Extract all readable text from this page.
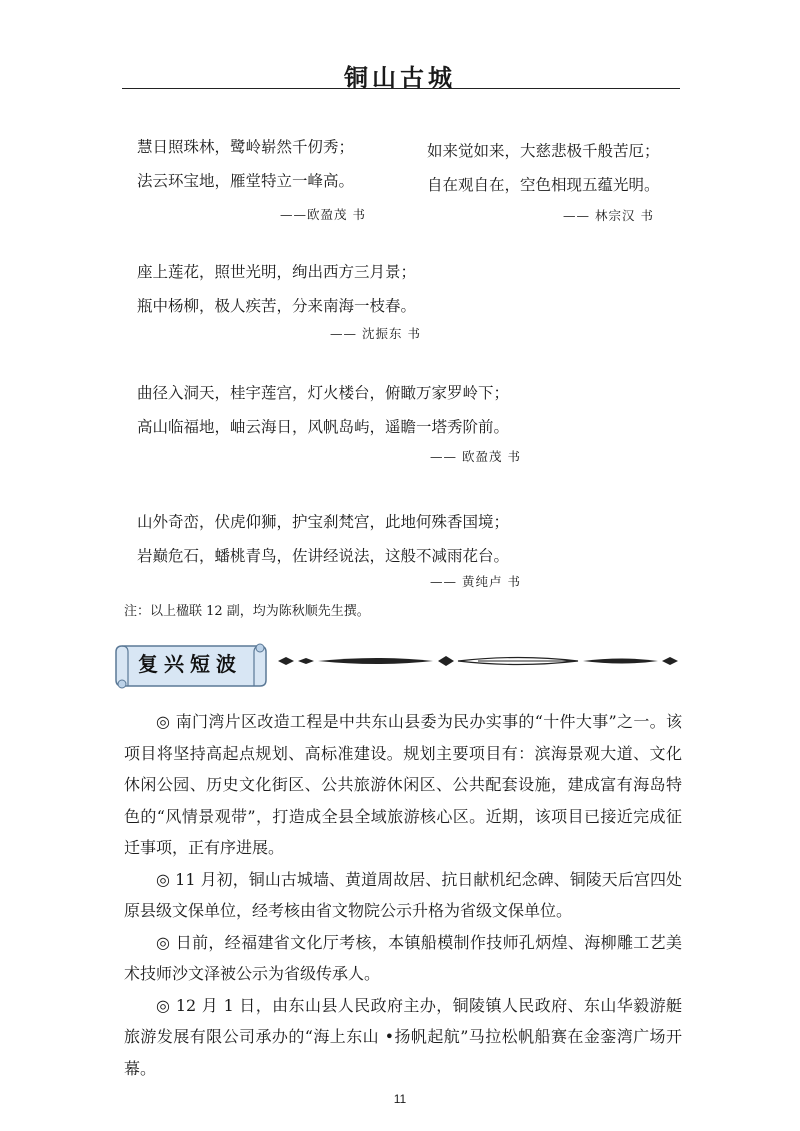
铜山古城
慧日照珠林，鹭岭崭然千仞秀；
法云环宝地，雁堂特立一峰高。
——欧盈茂 书
如来觉如来，大慈悲极千般苦厄；
自在观自在，空色相现五蕴光明。
—— 林宗汉 书
座上莲花，照世光明，绚出西方三月景；
瓶中杨柳，极人疾苦，分来南海一枝春。
—— 沈振东 书
曲径入洞天，桂宇莲宫，灯火楼台，俯瞰万家罗岭下；
高山临福地，岫云海日，风帆岛屿，遥瞻一塔秀阶前。
—— 欧盈茂 书
山外奇峦，伏虎仰狮，护宝刹梵宫，此地何殊香国境；
岩巅危石，蟠桃青鸟，佐讲经说法，这般不减雨花台。
—— 黄纯卢 书
注：以上楹联 12 副，均为陈秋顺先生撰。
复兴短波

◎ 南门湾片区改造工程是中共东山县委为民办实事的“十件大事”之一。该项目将坚持高起点规划、高标准建设。规划主要项目有：滨海景观大道、文化休闲公园、历史文化街区、公共旅游休闲区、公共配套设施，建成富有海岛特色的“风情景观带”，打造成全县全域旅游核心区。近期，该项目已接近完成征迁事项，正有序进展。

◎ 11 月初，铜山古城墙、黄道周故居、抗日献机纪念碑、铜陵天后宫四处原县级文保单位，经考核由省文物院公示升格为省级文保单位。

◎ 日前，经福建省文化厅考核，本镇船模制作技师孔炳煌、海柳雕工艺美术技师沙文泽被公示为省级传承人。

◎ 12 月 1 日，由东山县人民政府主办，铜陵镇人民政府、东山华毅游艇旅游发展有限公司承办的“海上东山 •扬帆起航”马拉松帆船赛在金銮湾广场开幕。

11
